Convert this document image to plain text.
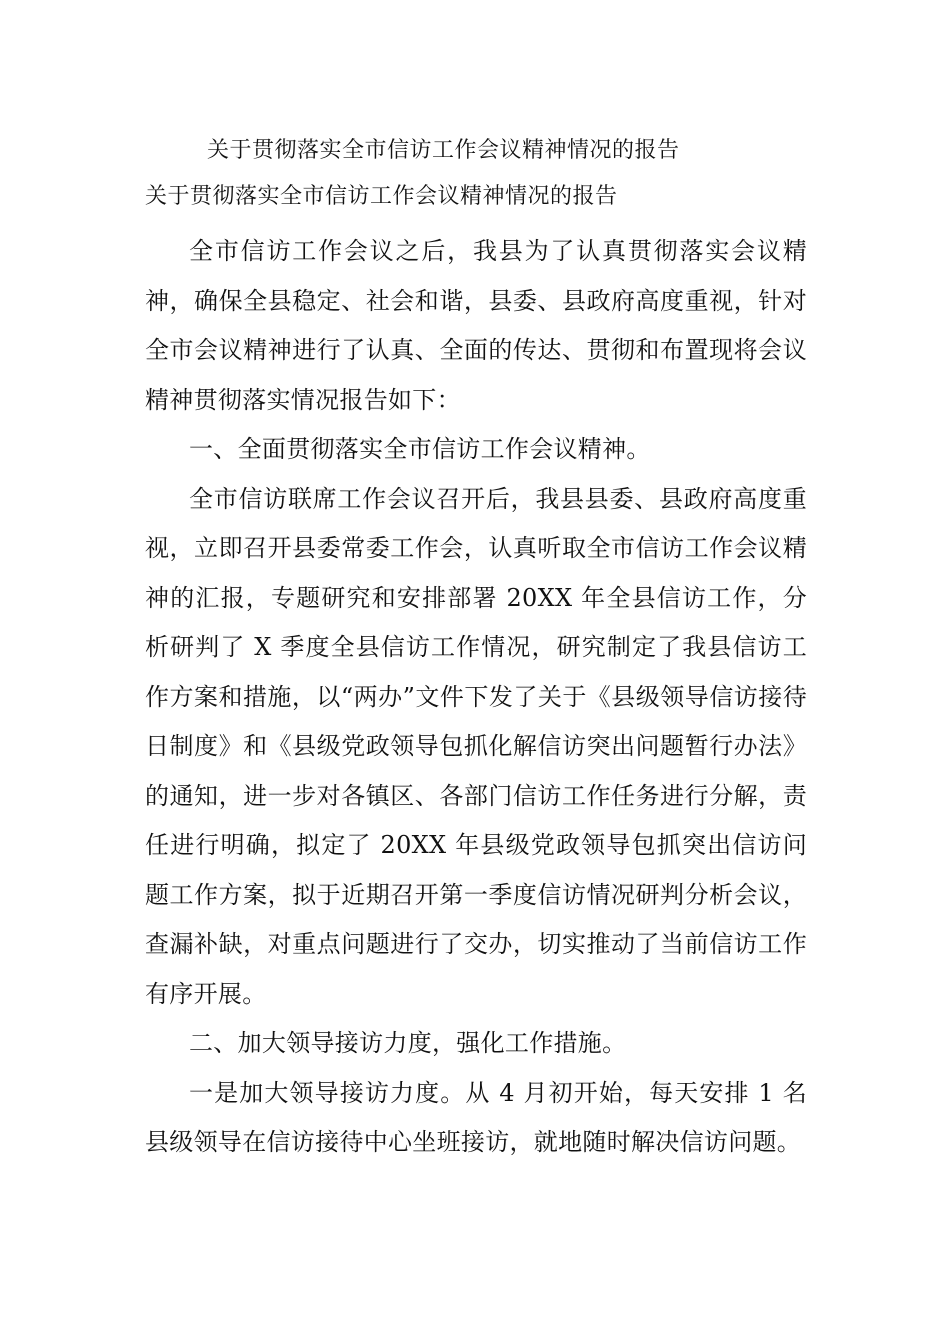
关于贯彻落实全市信访工作会议精神情况的报告
关于贯彻落实全市信访工作会议精神情况的报告

全市信访工作会议之后，我县为了认真贯彻落实会议精神，确保全县稳定、社会和谐，县委、县政府高度重视，针对全市会议精神进行了认真、全面的传达、贯彻和布置现将会议精神贯彻落实情况报告如下：

一、全面贯彻落实全市信访工作会议精神。

全市信访联席工作会议召开后，我县县委、县政府高度重视，立即召开县委常委工作会，认真听取全市信访工作会议精神的汇报，专题研究和安排部署 20XX 年全县信访工作，分析研判了 X 季度全县信访工作情况，研究制定了我县信访工作方案和措施，以“两办”文件下发了关于《县级领导信访接待日制度》和《县级党政领导包抓化解信访突出问题暂行办法》的通知，进一步对各镇区、各部门信访工作任务进行分解，责任进行明确，拟定了 20XX 年县级党政领导包抓突出信访问题工作方案，拟于近期召开第一季度信访情况研判分析会议，查漏补缺，对重点问题进行了交办，切实推动了当前信访工作有序开展。

二、加大领导接访力度，强化工作措施。

一是加大领导接访力度。从 4 月初开始，每天安排 1 名县级领导在信访接待中心坐班接访，就地随时解决信访问题。
